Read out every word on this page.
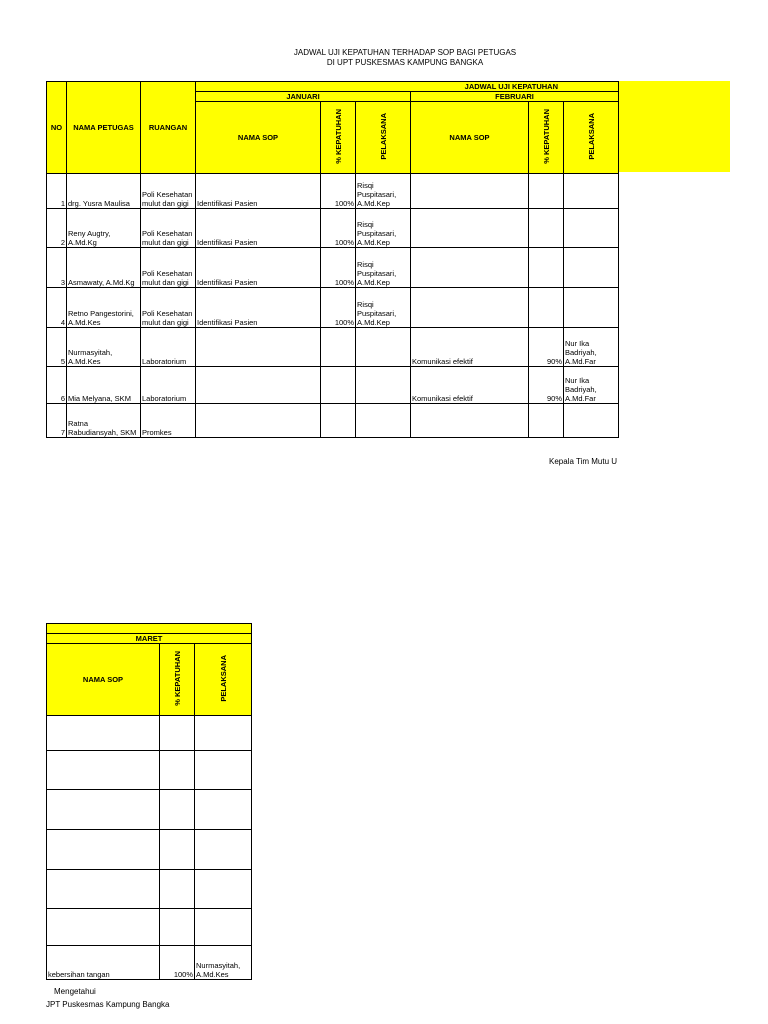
JADWAL UJI KEPATUHAN TERHADAP SOP BAGI PETUGAS
DI UPT PUSKESMAS KAMPUNG BANGKA
NO	NAMA PETUGAS	RUANGAN	JADWAL UJI KEPATUHAN					
			JANUARI			FEBRUARI		
			NAMA SOP	% KEPATUHAN	PELAKSANA	NAMA SOP	% KEPATUHAN	PELAKSANA
1	drg. Yusra Maulisa	Poli Kesehatan mulut dan gigi	Identifikasi Pasien	100%	Risqi Puspitasari, A.Md.Kep			
2	Reny Augtry, A.Md.Kg	Poli Kesehatan mulut dan gigi	Identifikasi Pasien	100%	Risqi Puspitasari, A.Md.Kep			
3	Asmawaty, A.Md.Kg	Poli Kesehatan mulut dan gigi	Identifikasi Pasien	100%	Risqi Puspitasari, A.Md.Kep			
4	Retno Pangestorini, A.Md.Kes	Poli Kesehatan mulut dan gigi	Identifikasi Pasien	100%	Risqi Puspitasari, A.Md.Kep			
5	Nurmasyitah, A.Md.Kes	Laboratorium				Komunikasi efektif	90%	Nur Ika Badriyah, A.Md.Far
6	Mia Melyana, SKM	Laboratorium				Komunikasi efektif	90%	Nur Ika Badriyah, A.Md.Far
7	Ratna Rabudiansyah, SKM	Promkes						
Kepala Tim Mutu U

MARET		
NAMA SOP	% KEPATUHAN	PELAKSANA

kebersihan tangan	100%	Nurmasyitah, A.Md.Kes
Mengetahui
JPT Puskesmas Kampung Bangka
